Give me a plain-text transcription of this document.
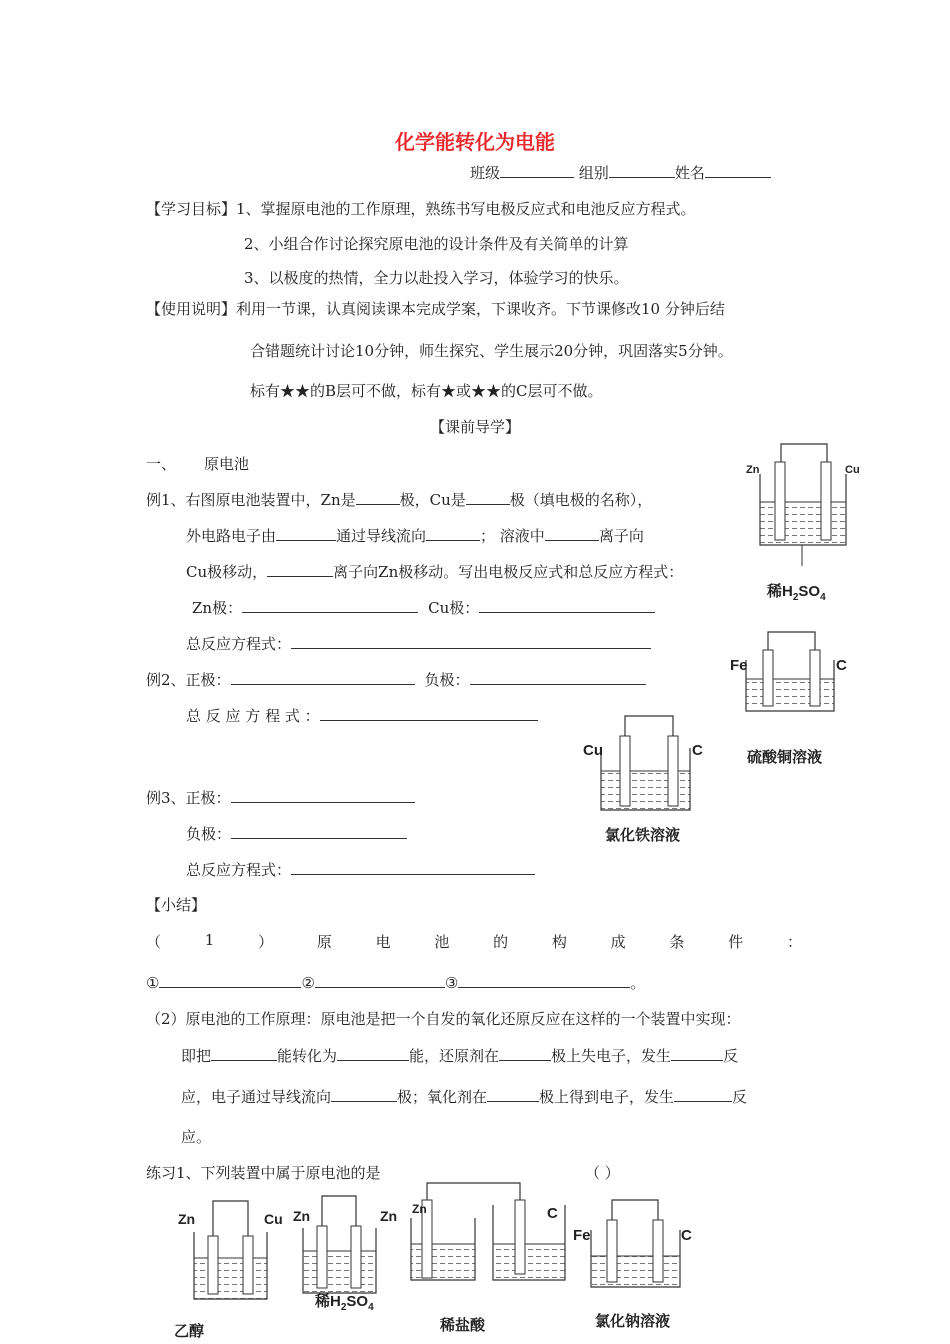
化学能转化为电能
班级	组别	姓名
【学习目标】1、掌握原电池的工作原理，熟练书写电极反应式和电池反应方程式。
2、小组合作讨论探究原电池的设计条件及有关简单的计算
3、以极度的热情，全力以赴投入学习，体验学习的快乐。
【使用说明】利用一节课，认真阅读课本完成学案，下课收齐。下节课修改10 分钟后结
合错题统计讨论10分钟，师生探究、学生展示20分钟，巩固落实5分钟。
标有★★的B层可不做，标有★或★★的C层可不做。
【课前导学】
一、 原电池
例1、右图原电池装置中，Zn是	极，Cu是	极（填电极的名称），
外电路电子由	通过导线流向	； 溶液中	离子向
Cu极移动，	离子向Zn极移动。写出电极反应式和总反应方程式：
Zn极：	Cu极：
总反应方程式：
例2、正极：	负极：
总 反 应 方 程 式 ：
例3、正极：
负极：
总反应方程式：
【小结】
（	1	）	原	电	池	的	构	成	条	件	：
①	②	③	。
（2）原电池的工作原理：原电池是把一个自发的氧化还原反应在这样的一个装置中实现：
即把	能转化为	能，还原剂在	极上失电子，发生	反
应，电子通过导线流向	极；氧化剂在	极上得到电子，发生	反
应。
练习1、下列装置中属于原电池的是	（ ）
Zn	Cu
稀$H_2SO_4$
Fe	C
硫酸铜溶液
Cu	C
氯化铁溶液
Zn	Cu
乙醇
Zn	Zn
稀$H_2SO_4$
Zn	C
稀盐酸
Fe	C
氯化钠溶液
